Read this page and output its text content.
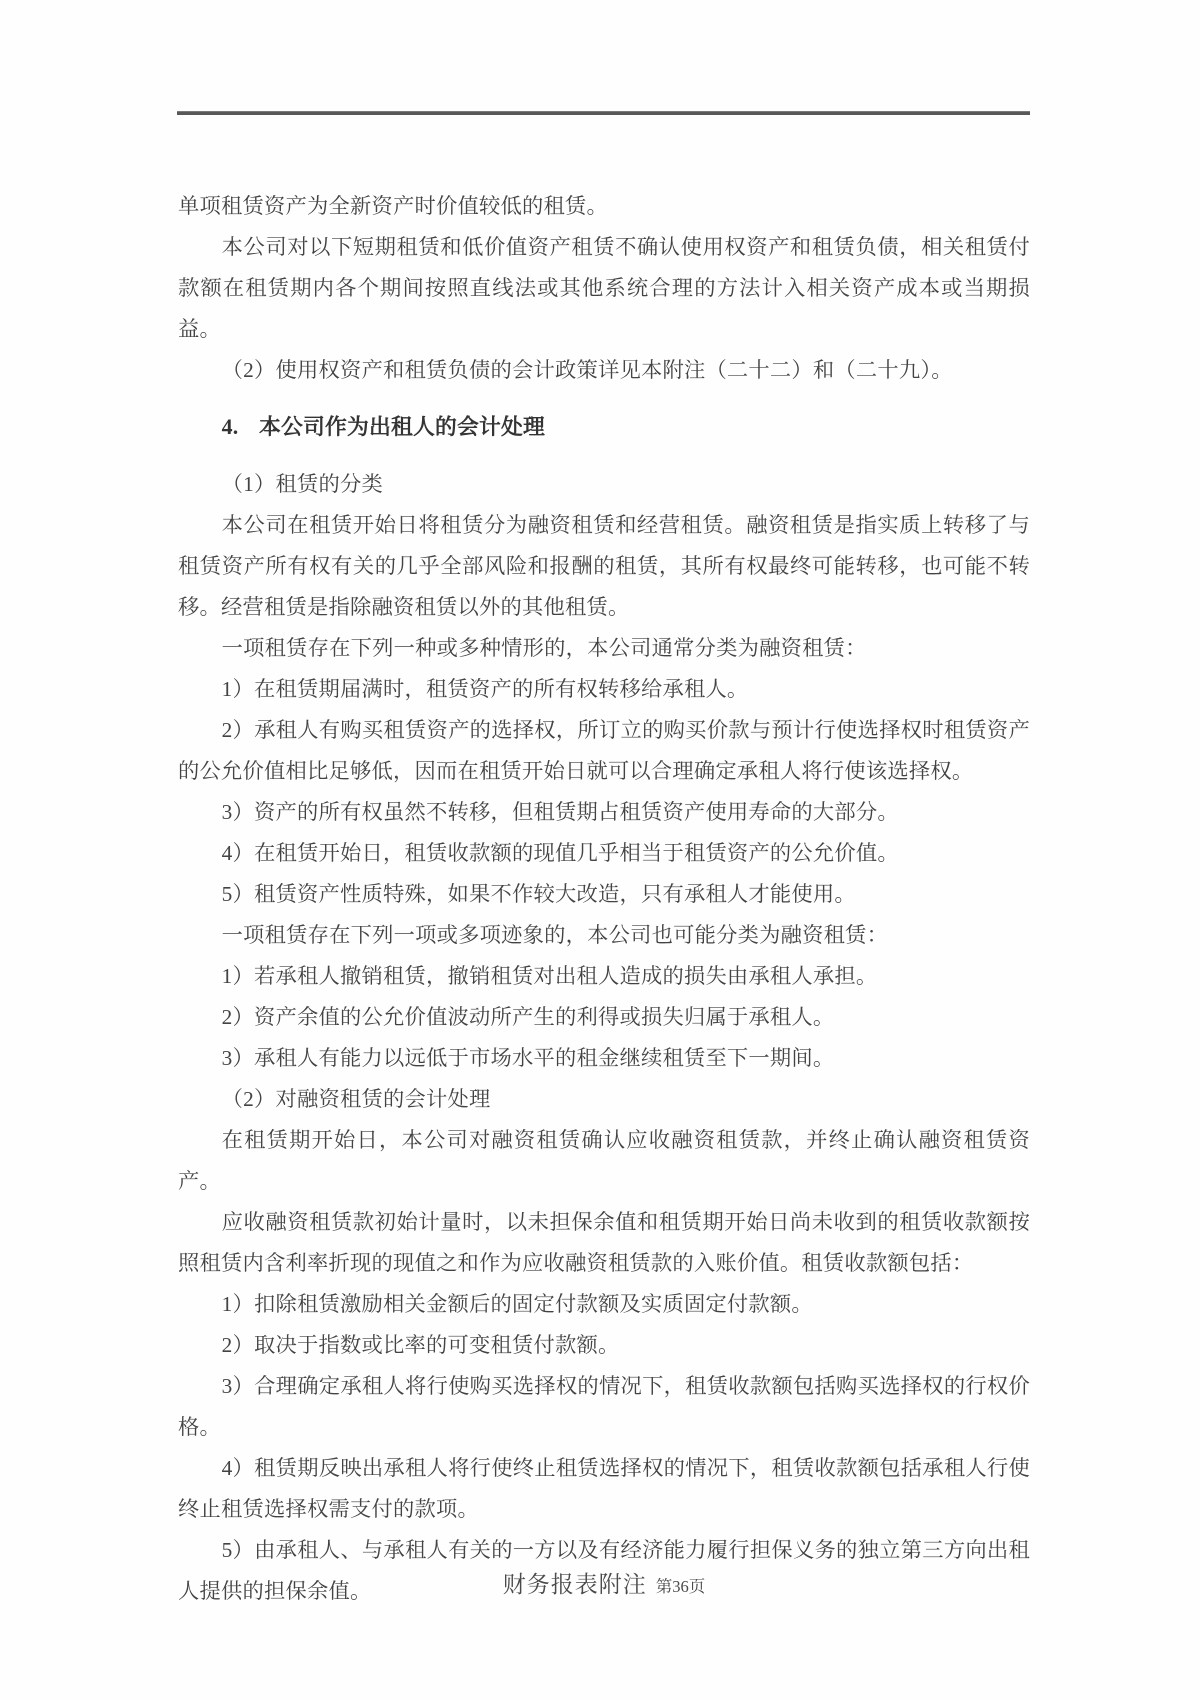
单项租赁资产为全新资产时价值较低的租赁。

本公司对以下短期租赁和低价值资产租赁不确认使用权资产和租赁负债，相关租赁付款额在租赁期内各个期间按照直线法或其他系统合理的方法计入相关资产成本或当期损益。

（2）使用权资产和租赁负债的会计政策详见本附注（二十二）和（二十九）。

4. 本公司作为出租人的会计处理

（1）租赁的分类

本公司在租赁开始日将租赁分为融资租赁和经营租赁。融资租赁是指实质上转移了与租赁资产所有权有关的几乎全部风险和报酬的租赁，其所有权最终可能转移，也可能不转移。经营租赁是指除融资租赁以外的其他租赁。

一项租赁存在下列一种或多种情形的，本公司通常分类为融资租赁：

1）在租赁期届满时，租赁资产的所有权转移给承租人。

2）承租人有购买租赁资产的选择权，所订立的购买价款与预计行使选择权时租赁资产的公允价值相比足够低，因而在租赁开始日就可以合理确定承租人将行使该选择权。

3）资产的所有权虽然不转移，但租赁期占租赁资产使用寿命的大部分。

4）在租赁开始日，租赁收款额的现值几乎相当于租赁资产的公允价值。

5）租赁资产性质特殊，如果不作较大改造，只有承租人才能使用。

一项租赁存在下列一项或多项迹象的，本公司也可能分类为融资租赁：

1）若承租人撤销租赁，撤销租赁对出租人造成的损失由承租人承担。

2）资产余值的公允价值波动所产生的利得或损失归属于承租人。

3）承租人有能力以远低于市场水平的租金继续租赁至下一期间。

（2）对融资租赁的会计处理

在租赁期开始日，本公司对融资租赁确认应收融资租赁款，并终止确认融资租赁资产。

应收融资租赁款初始计量时，以未担保余值和租赁期开始日尚未收到的租赁收款额按照租赁内含利率折现的现值之和作为应收融资租赁款的入账价值。租赁收款额包括：

1）扣除租赁激励相关金额后的固定付款额及实质固定付款额。

2）取决于指数或比率的可变租赁付款额。

3）合理确定承租人将行使购买选择权的情况下，租赁收款额包括购买选择权的行权价格。

4）租赁期反映出承租人将行使终止租赁选择权的情况下，租赁收款额包括承租人行使终止租赁选择权需支付的款项。

5）由承租人、与承租人有关的一方以及有经济能力履行担保义务的独立第三方向出租人提供的担保余值。	财务报表附注 第36页
